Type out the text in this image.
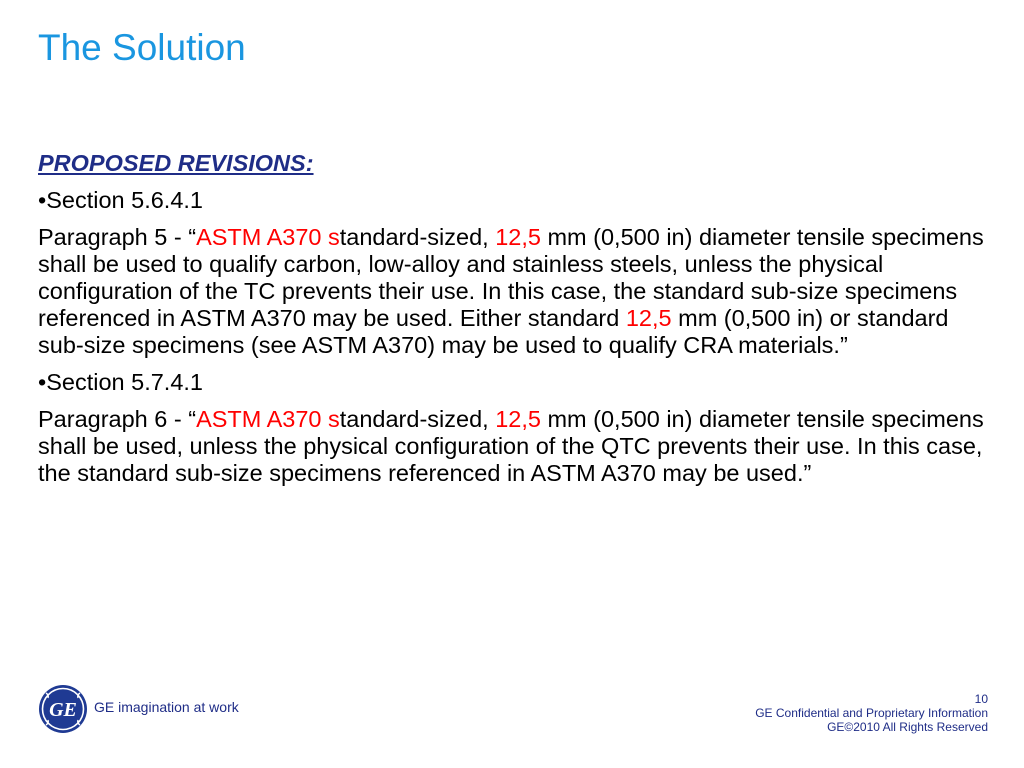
The Solution
PROPOSED REVISIONS:
•Section 5.6.4.1
Paragraph 5 - “ASTM A370 standard-sized, 12,5 mm (0,500 in) diameter tensile specimens shall be used to qualify carbon, low-alloy and stainless steels, unless the physical configuration of the TC prevents their use. In this case, the standard sub-size specimens referenced in ASTM A370 may be used. Either standard 12,5 mm (0,500 in) or standard sub-size specimens (see ASTM A370) may be used to qualify CRA materials.”
•Section 5.7.4.1
Paragraph 6 - “ASTM A370 standard-sized, 12,5 mm (0,500 in) diameter tensile specimens shall be used, unless the physical configuration of the QTC prevents their use. In this case, the standard sub-size specimens referenced in ASTM A370 may be used.”
GE GE imagination at work	10
GE Confidential and Proprietary Information
GE©2010 All Rights Reserved
